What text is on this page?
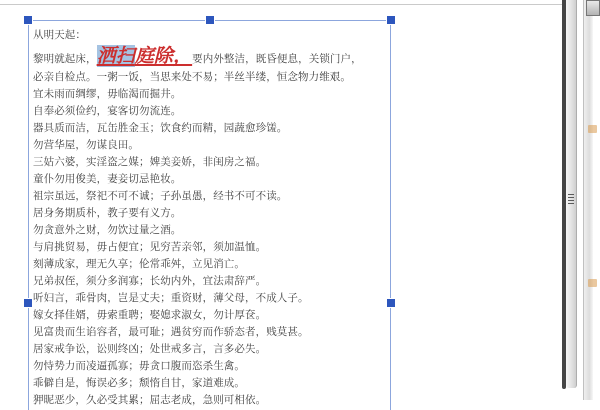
从明天起：
黎明就起床，洒扫庭除，要内外整洁，既昏便息，关锁门户，
必亲自检点。一粥一饭，当思来处不易；半丝半缕，恒念物力维艰。
宜未雨而绸缪，毋临渴而掘井。
自奉必须俭约，宴客切勿流连。
器具质而洁，瓦缶胜金玉；饮食约而精，园蔬愈珍馐。
勿营华屋，勿谋良田。
三姑六婆，实淫盗之媒；婢美妾娇，非闺房之福。
童仆勿用俊美，妻妾切忌艳妆。
祖宗虽远，祭祀不可不诚；子孙虽愚，经书不可不读。
居身务期质朴，教子要有义方。
勿贪意外之财，勿饮过量之酒。
与肩挑贸易，毋占便宜；见穷苦亲邻，须加温恤。
刻薄成家，理无久享；伦常乖舛，立见消亡。
兄弟叔侄，须分多润寡；长幼内外，宜法肃辞严。
听妇言，乖骨肉，岂是丈夫；重资财，薄父母，不成人子。
嫁女择佳婿，毋索重聘；娶媳求淑女，勿计厚奁。
见富贵而生谄容者，最可耻；遇贫穷而作骄态者，贱莫甚。
居家戒争讼，讼则终凶；处世戒多言，言多必失。
勿恃势力而凌逼孤寡；毋贪口腹而恣杀生禽。
乖僻自是，悔误必多；颓惰自甘，家道难成。
狎昵恶少，久必受其累；屈志老成，急则可相依。
